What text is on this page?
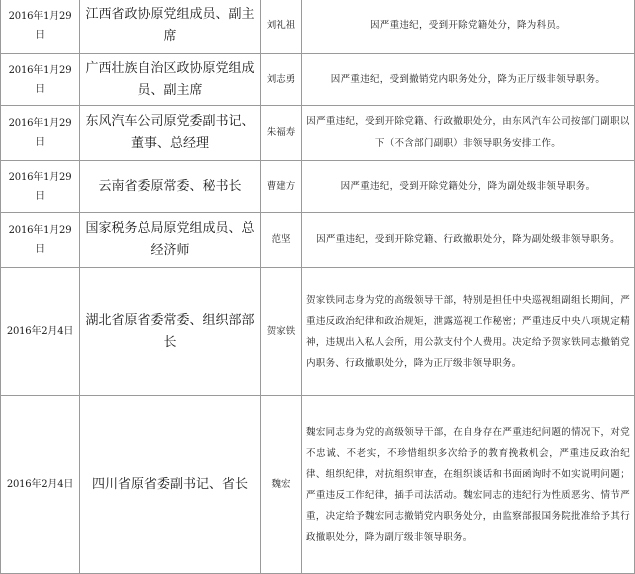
2016年1月29日	江西省政协原党组成员、副主席	刘礼祖	因严重违纪，受到开除党籍处分，降为科员。
2016年1月29日	广西壮族自治区政协原党组成员、副主席	刘志勇	因严重违纪，受到撤销党内职务处分，降为正厅级非领导职务。
2016年1月29日	东风汽车公司原党委副书记、董事、总经理	朱福寿	因严重违纪，受到开除党籍、行政撤职处分，由东风汽车公司按部门副职以下（不含部门副职）非领导职务安排工作。
2016年1月29日	云南省委原常委、秘书长	曹建方	因严重违纪，受到开除党籍处分，降为副处级非领导职务。
2016年1月29日	国家税务总局原党组成员、总经济师	范坚	因严重违纪，受到开除党籍、行政撤职处分，降为副处级非领导职务。
2016年2月4日	湖北省原省委常委、组织部部长	贺家铁	贺家铁同志身为党的高级领导干部，特别是担任中央巡视组副组长期间，严重违反政治纪律和政治规矩，泄露巡视工作秘密；严重违反中央八项规定精神，违规出入私人会所，用公款支付个人费用。决定给予贺家铁同志撤销党内职务、行政撤职处分，降为正厅级非领导职务。
2016年2月4日	四川省原省委副书记、省长	魏宏	魏宏同志身为党的高级领导干部，在自身存在严重违纪问题的情况下，对党不忠诚、不老实，不珍惜组织多次给予的教育挽救机会，严重违反政治纪律、组织纪律，对抗组织审查，在组织谈话和书面函询时不如实说明问题；严重违反工作纪律，插手司法活动。魏宏同志的违纪行为性质恶劣、情节严重，决定给予魏宏同志撤销党内职务处分，由监察部报国务院批准给予其行政撤职处分，降为副厅级非领导职务。
